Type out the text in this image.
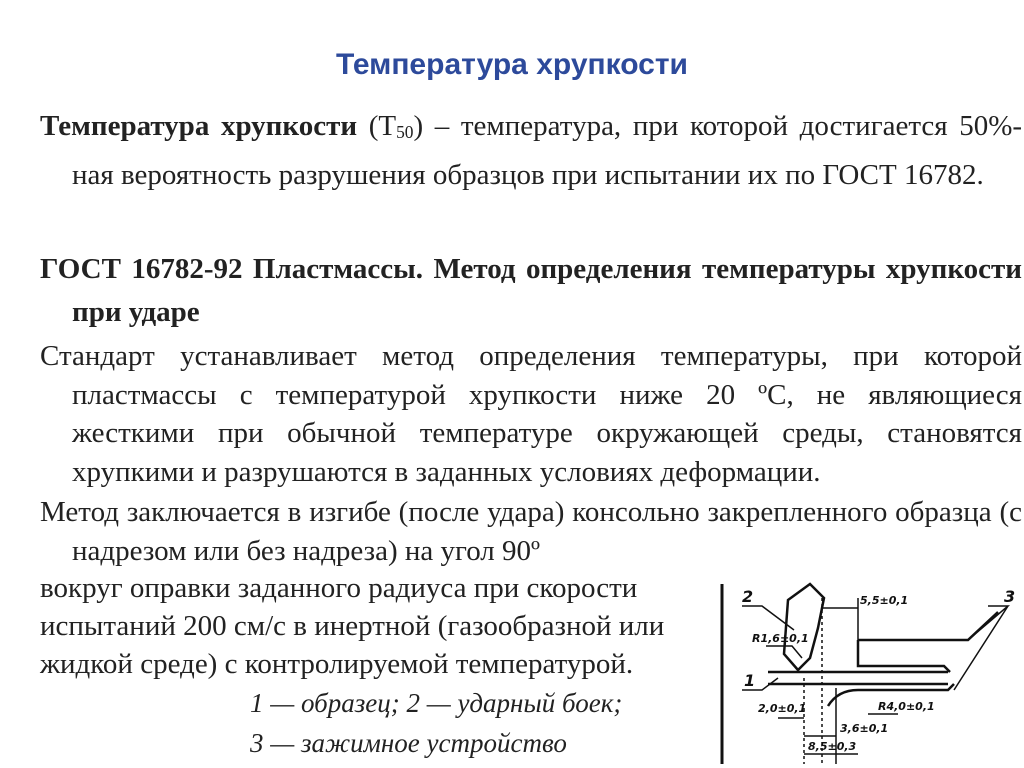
Температура хрупкости
Температура хрупкости $(Т_{50})$ – температура, при которой достигается 50%-ная вероятность разрушения образцов при испытании их по ГОСТ 16782.
ГОСТ 16782-92 Пластмассы. Метод определения температуры хрупкости при ударе
Стандарт устанавливает метод определения температуры, при которой пластмассы с температурой хрупкости ниже 20 ºС, не являющиеся жесткими при обычной температуре окружающей среды, становятся хрупкими и разрушаются в заданных условиях деформации.
Метод заключается в изгибе (после удара) консольно закрепленного образца (с надрезом или без надреза) на угол 90º
вокруг оправки заданного радиуса при скорости
испытаний 200 см/с в инертной (газообразной или
жидкой среде) с контролируемой температурой.
1 — образец; 2 — ударный боек;
3 — зажимное устройство
2
1
3
5,5±0,1
R1,6±0,1
2,0±0,1	R4,0±0,1
3,6±0,1
8,5±0,3
